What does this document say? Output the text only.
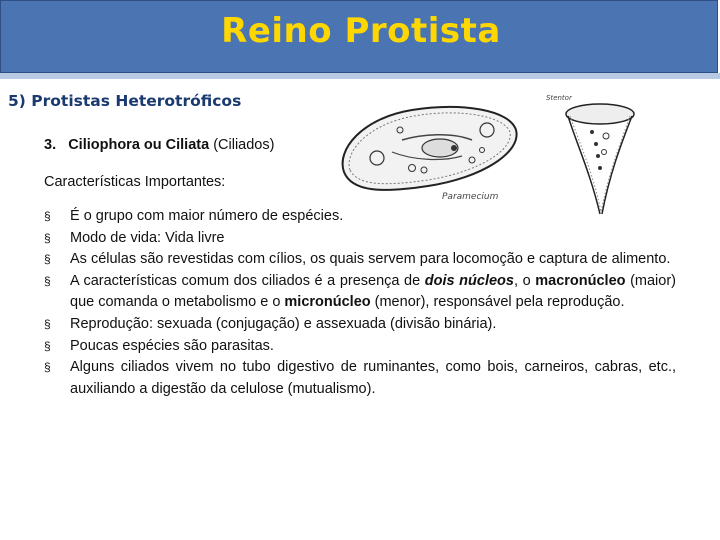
Reino Protista
5) Protistas Heterotróficos
3. Ciliophora ou Ciliata (Ciliados)
Características Importantes:
§ É o grupo com maior número de espécies.
§ Modo de vida: Vida livre
§ As células são revestidas com cílios, os quais servem para locomoção e captura de alimento.
§ A características comum dos ciliados é a presença de dois núcleos, o macronúcleo (maior) que comanda o metabolismo e o micronúcleo (menor), responsável pela reprodução.
§ Reprodução: sexuada (conjugação) e assexuada (divisão binária).
§ Poucas espécies são parasitas.
§ Alguns ciliados vivem no tubo digestivo de ruminantes, como bois, carneiros, cabras, etc., auxiliando a digestão da celulose (mutualismo).
Paramecium
Stentor
